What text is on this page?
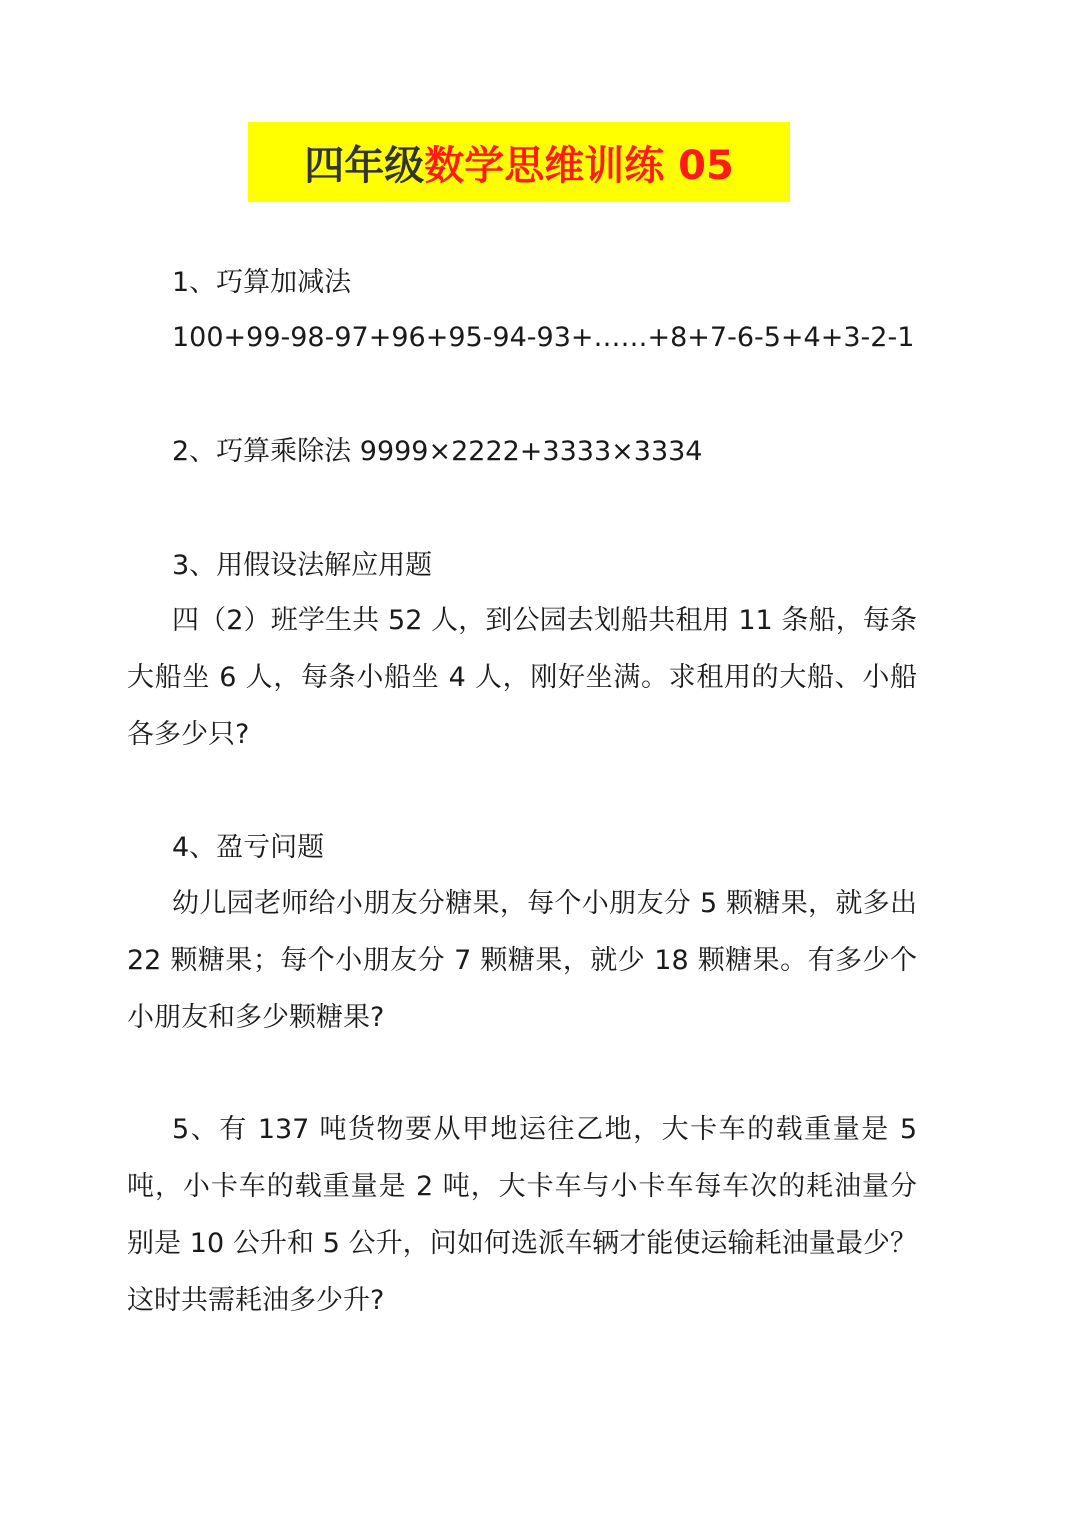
四年级 数学思维训练 05
1、巧算加减法
100+99-98-97+96+95-94-93+……+8+7-6-5+4+3-2-1
2、巧算乘除法 9999×2222+3333×3334
3、用假设法解应用题
四（2）班学生共 52 人，到公园去划船共租用 11 条船，每条大船坐 6 人，每条小船坐 4 人，刚好坐满。求租用的大船、小船各多少只?
4、盈亏问题
幼儿园老师给小朋友分糖果，每个小朋友分 5 颗糖果，就多出 22 颗糖果；每个小朋友分 7 颗糖果，就少 18 颗糖果。有多少个小朋友和多少颗糖果?
5、有 137 吨货物要从甲地运往乙地，大卡车的载重量是 5 吨，小卡车的载重量是 2 吨，大卡车与小卡车每车次的耗油量分别是 10 公升和 5 公升，问如何选派车辆才能使运输耗油量最少？这时共需耗油多少升?
